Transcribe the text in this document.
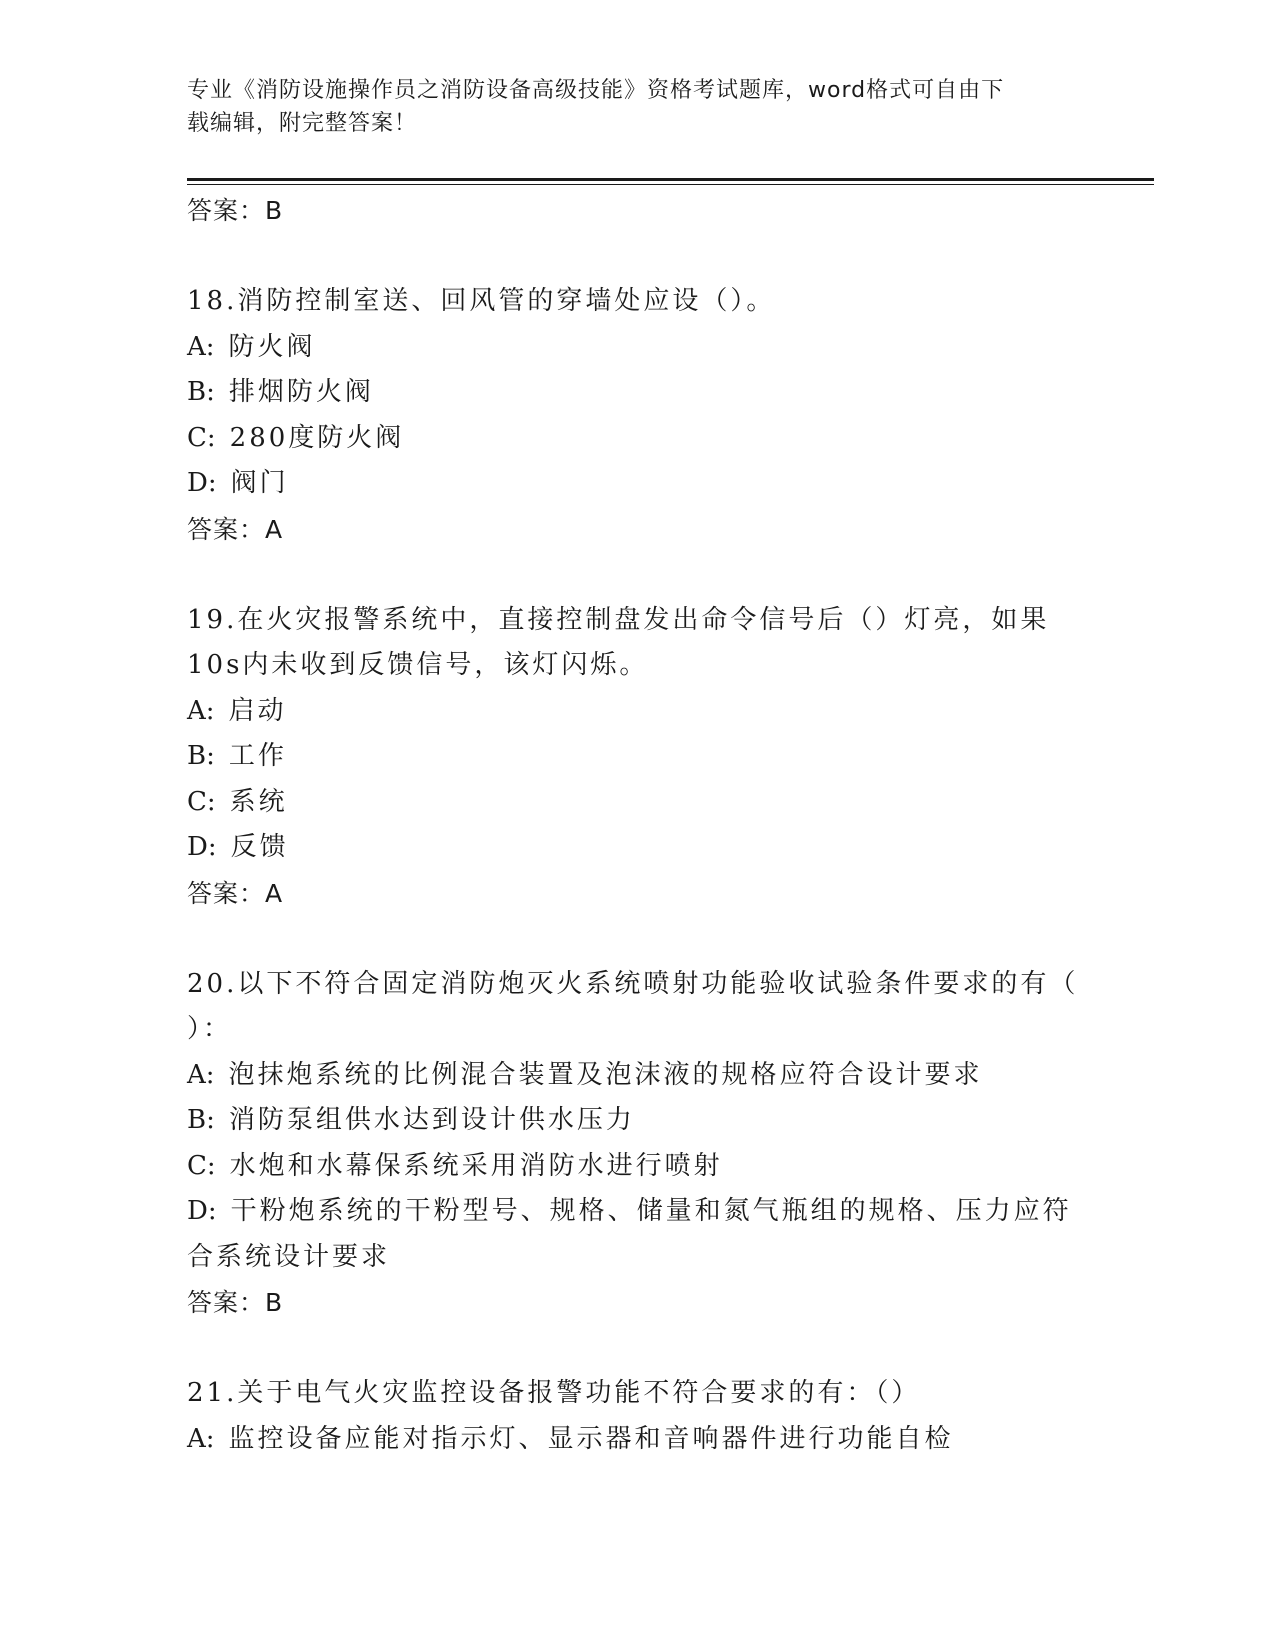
专业《消防设施操作员之消防设备高级技能》资格考试题库，word格式可自由下
载编辑，附完整答案！
答案：B
18.消防控制室送、回风管的穿墙处应设（）。
A: 防火阀
B: 排烟防火阀
C: 280度防火阀
D: 阀门
答案：A
19.在火灾报警系统中，直接控制盘发出命令信号后（）灯亮，如果
10s内未收到反馈信号，该灯闪烁。
A: 启动
B: 工作
C: 系统
D: 反馈
答案：A
20.以下不符合固定消防炮灭火系统喷射功能验收试验条件要求的有（
）：
A: 泡抹炮系统的比例混合装置及泡沫液的规格应符合设计要求
B: 消防泵组供水达到设计供水压力
C: 水炮和水幕保系统采用消防水进行喷射
D: 干粉炮系统的干粉型号、规格、储量和氮气瓶组的规格、压力应符
合系统设计要求
答案：B
21.关于电气火灾监控设备报警功能不符合要求的有：（）
A: 监控设备应能对指示灯、显示器和音响器件进行功能自检
